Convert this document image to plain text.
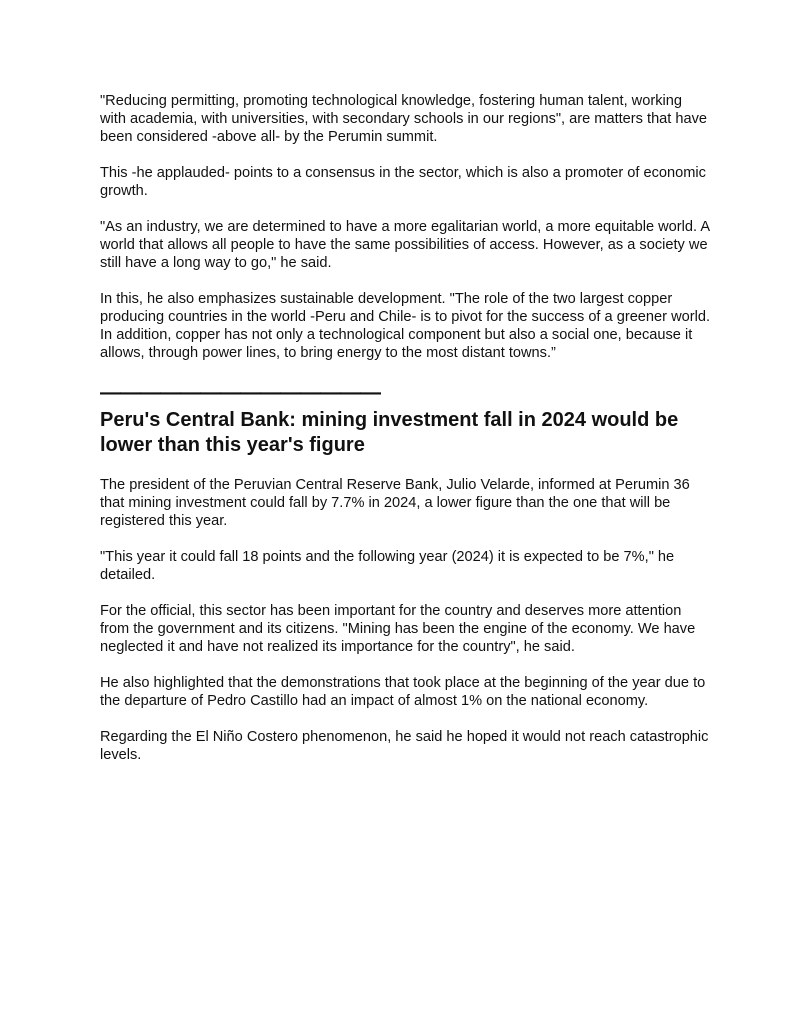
"Reducing permitting, promoting technological knowledge, fostering human talent, working with academia, with universities, with secondary schools in our regions", are matters that have been considered -above all- by the Perumin summit.

This -he applauded- points to a consensus in the sector, which is also a promoter of economic growth.

"As an industry, we are determined to have a more egalitarian world, a more equitable world. A world that allows all people to have the same possibilities of access. However, as a society we still have a long way to go," he said.

In this, he also emphasizes sustainable development. "The role of the two largest copper producing countries in the world -Peru and Chile- is to pivot for the success of a greener world. In addition, copper has not only a technological component but also a social one, because it allows, through power lines, to bring energy to the most distant towns.”

——————————————
Peru's Central Bank: mining investment fall in 2024 would be lower than this year's figure

The president of the Peruvian Central Reserve Bank, Julio Velarde, informed at Perumin 36 that mining investment could fall by 7.7% in 2024, a lower figure than the one that will be registered this year.

"This year it could fall 18 points and the following year (2024) it is expected to be 7%," he detailed.

For the official, this sector has been important for the country and deserves more attention from the government and its citizens. "Mining has been the engine of the economy. We have neglected it and have not realized its importance for the country", he said.

He also highlighted that the demonstrations that took place at the beginning of the year due to the departure of Pedro Castillo had an impact of almost 1% on the national economy.

Regarding the El Niño Costero phenomenon, he said he hoped it would not reach catastrophic levels.
